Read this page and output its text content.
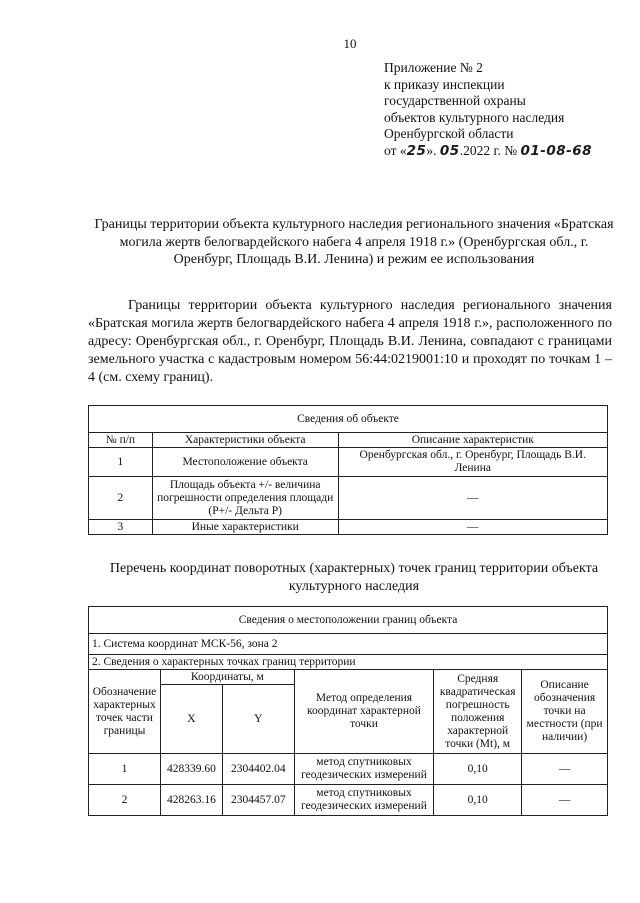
10
Приложение № 2
к приказу инспекции
государственной охраны
объектов культурного наследия
Оренбургской области
от «25». 05.2022 г. № 01-08-68
Границы территории объекта культурного наследия регионального значения «Братская могила жертв белогвардейского набега 4 апреля 1918 г.» (Оренбургская обл., г. Оренбург, Площадь В.И. Ленина) и режим ее использования
Границы территории объекта культурного наследия регионального значения «Братская могила жертв белогвардейского набега 4 апреля 1918 г.», расположенного по адресу: Оренбургская обл., г. Оренбург, Площадь В.И. Ленина, совпадают с границами земельного участка с кадастровым номером 56:44:0219001:10 и проходят по точкам 1 – 4 (см. схему границ).
Сведения об объекте		
№ п/п	Характеристики объекта	Описание характеристик
1	Местоположение объекта	Оренбургская обл., г. Оренбург, Площадь В.И. Ленина
2	Площадь объекта +/- величина погрешности определения площади (Р+/- Дельта Р)	—
3	Иные характеристики	—
Перечень координат поворотных (характерных) точек границ территории объекта культурного наследия
Сведения о местоположении границ объекта					
1. Система координат МСК-56, зона 2					
2. Сведения о характерных точках границ территории					
Обозначение характерных точек части границы	Координаты, м		Метод определения координат характерной точки	Средняя квадратическая погрешность положения характерной точки (Mt), м	Описание обозначения точки на местности (при наличии)
	X	Y			
1	428339.60	2304402.04	метод спутниковых геодезических измерений	0,10	—
2	428263.16	2304457.07	метод спутниковых геодезических измерений	0,10	—
